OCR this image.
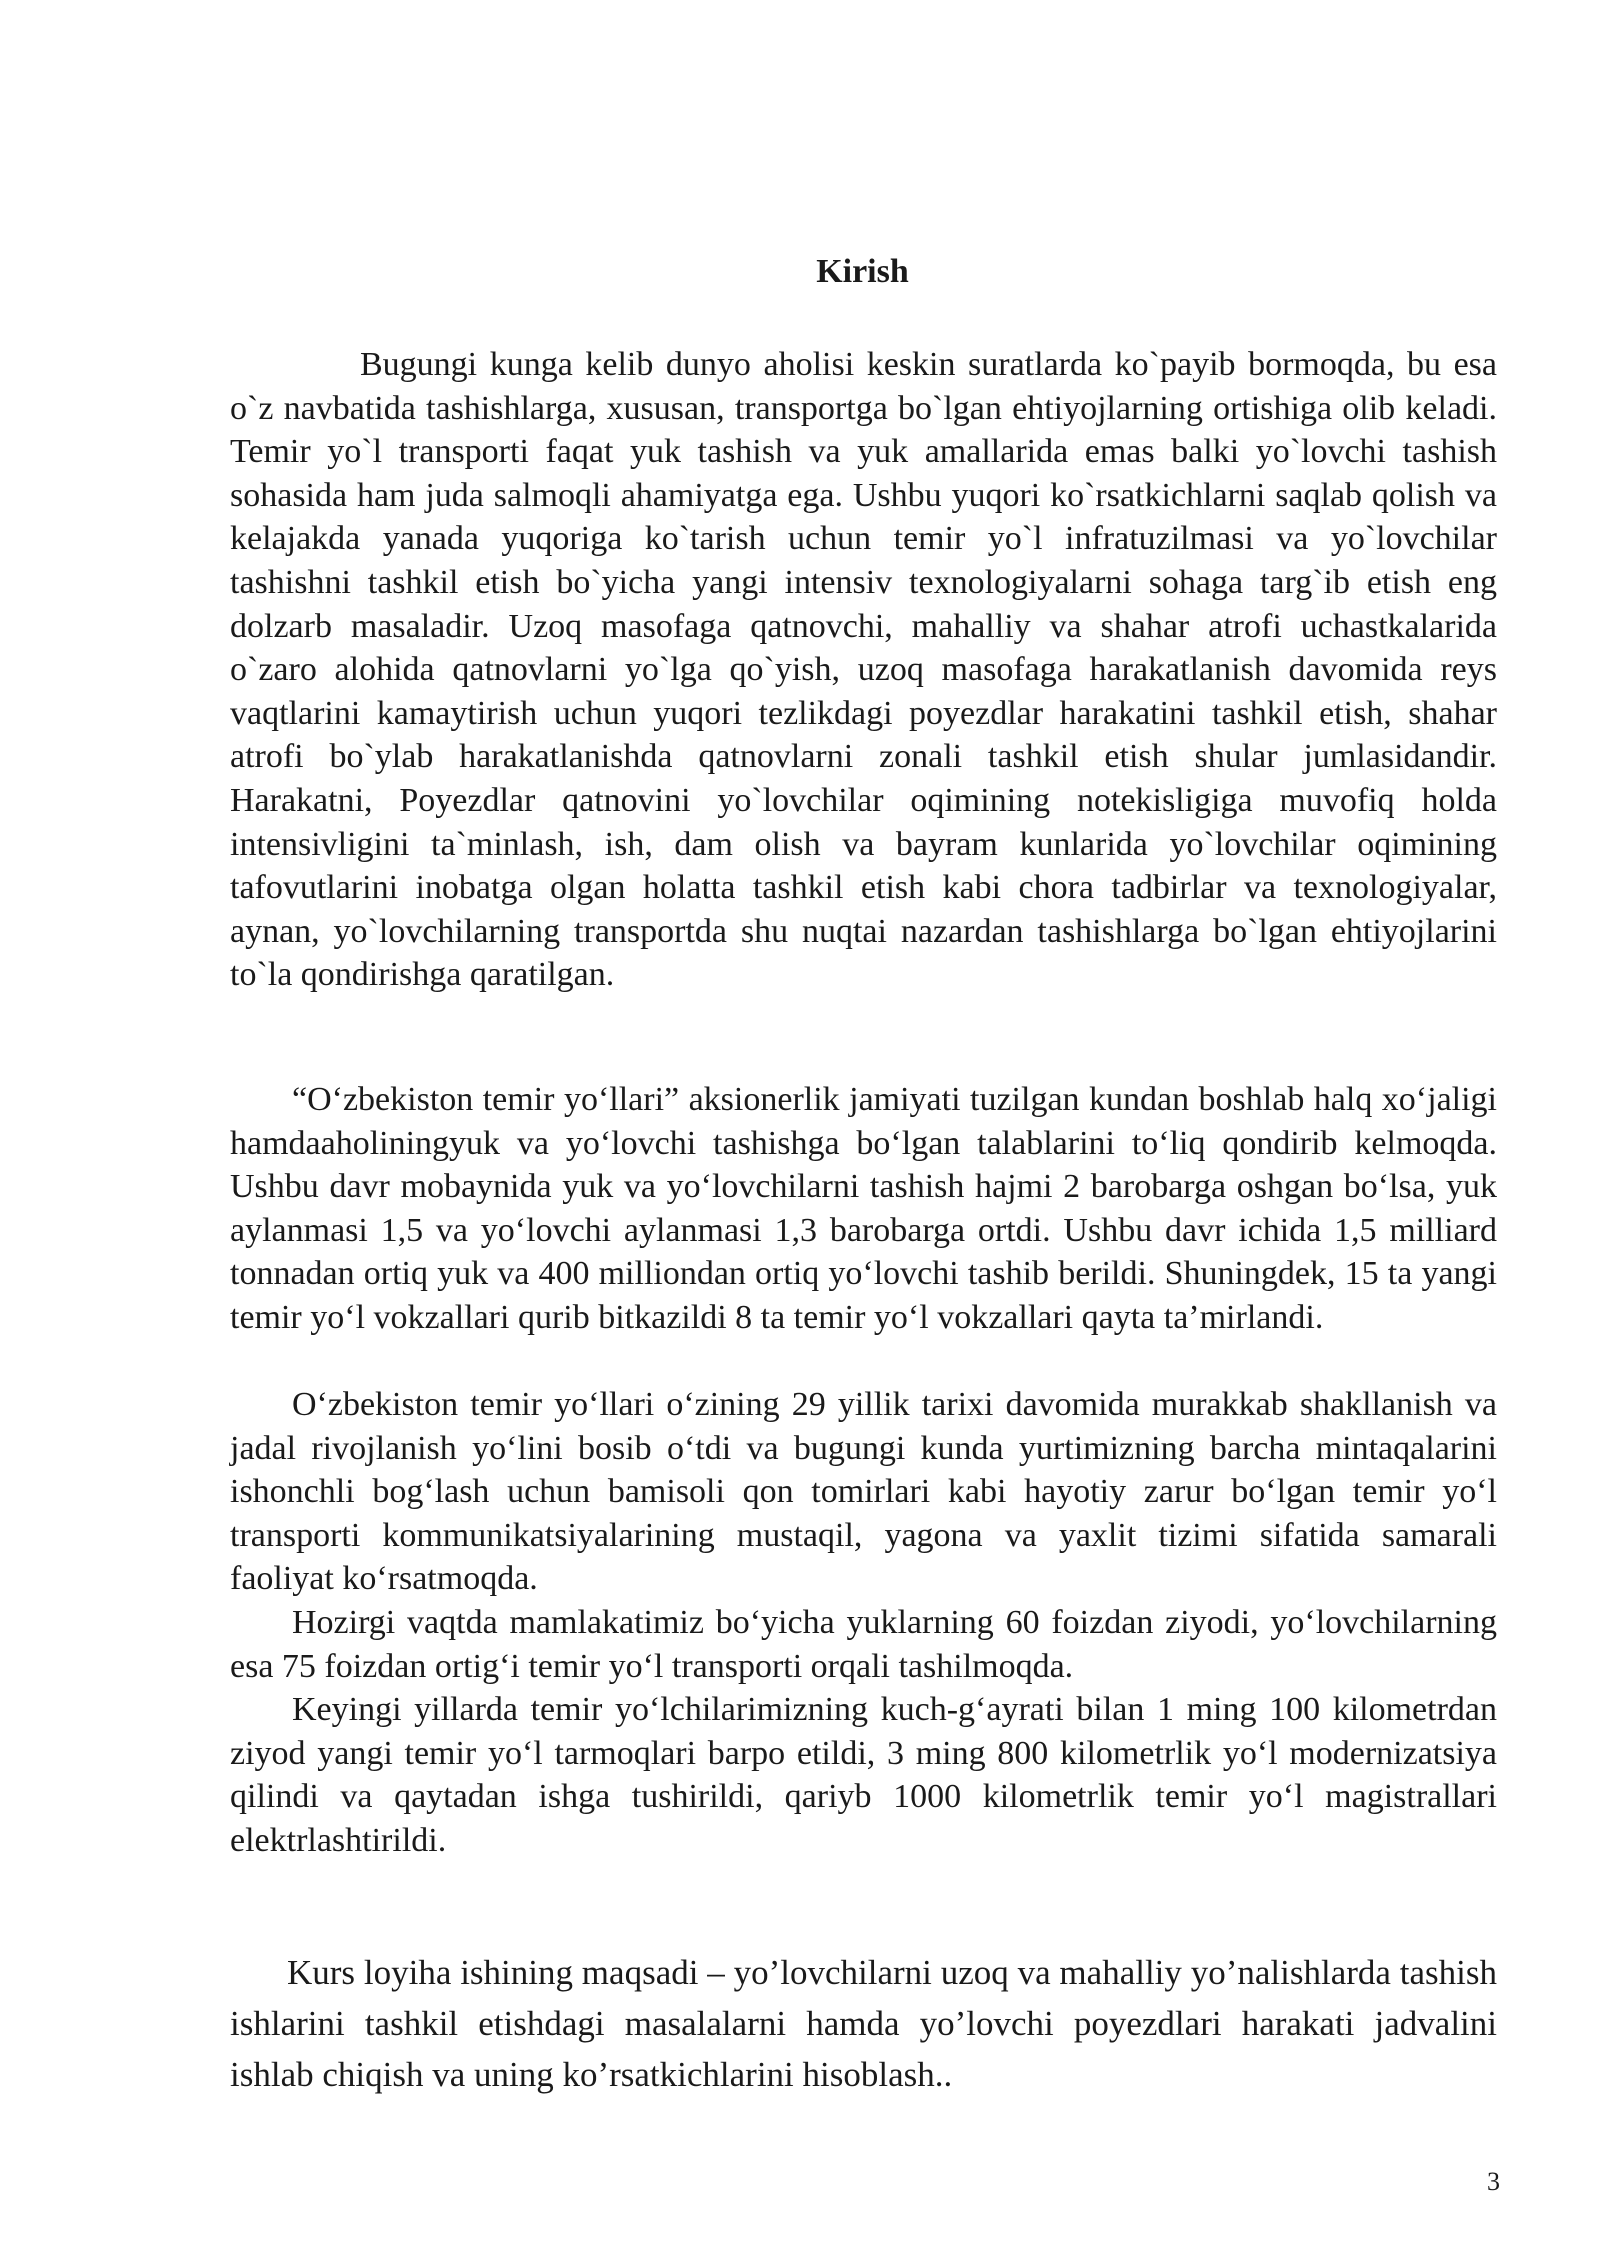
Kirish

Bugungi kunga kelib dunyo aholisi keskin suratlarda ko`payib bormoqda, bu esa o`z navbatida tashishlarga, xususan, transportga bo`lgan ehtiyojlarning ortishiga olib keladi. Temir yo`l transporti faqat yuk tashish va yuk amallarida emas balki yo`lovchi tashish sohasida ham juda salmoqli ahamiyatga ega. Ushbu yuqori ko`rsatkichlarni saqlab qolish va kelajakda yanada yuqoriga ko`tarish uchun temir yo`l infratuzilmasi va yo`lovchilar tashishni tashkil etish bo`yicha yangi intensiv texnologiyalarni sohaga targ`ib etish eng dolzarb masaladir. Uzoq masofaga qatnovchi, mahalliy va shahar atrofi uchastkalarida o`zaro alohida qatnovlarni yo`lga qo`yish, uzoq masofaga harakatlanish davomida reys vaqtlarini kamaytirish uchun yuqori tezlikdagi poyezdlar harakatini tashkil etish, shahar atrofi bo`ylab harakatlanishda qatnovlarni zonali tashkil etish shular jumlasidandir. Harakatni, Poyezdlar qatnovini yo`lovchilar oqimining notekisligiga muvofiq holda intensivligini ta`minlash, ish, dam olish va bayram kunlarida yo`lovchilar oqimining tafovutlarini inobatga olgan holatta tashkil etish kabi chora tadbirlar va texnologiyalar, aynan, yo`lovchilarning transportda shu nuqtai nazardan tashishlarga bo`lgan ehtiyojlarini to`la qondirishga qaratilgan.

“O‘zbekiston temir yo‘llari” aksionerlik jamiyati tuzilgan kundan boshlab halq xo‘jaligi hamdaaholiningyuk va yo‘lovchi tashishga bo‘lgan talablarini to‘liq qondirib kelmoqda. Ushbu davr mobaynida yuk va yo‘lovchilarni tashish hajmi 2 barobarga oshgan bo‘lsa, yuk aylanmasi 1,5 va yo‘lovchi aylanmasi 1,3 barobarga ortdi. Ushbu davr ichida 1,5 milliard tonnadan ortiq yuk va 400 milliondan ortiq yo‘lovchi tashib berildi. Shuningdek, 15 ta yangi temir yo‘l vokzallari qurib bitkazildi 8 ta temir yo‘l vokzallari qayta ta’mirlandi.

O‘zbekiston temir yo‘llari o‘zining 29 yillik tarixi davomida murakkab shakllanish va jadal rivojlanish yo‘lini bosib o‘tdi va bugungi kunda yurtimizning barcha mintaqalarini ishonchli bog‘lash uchun bamisoli qon tomirlari kabi hayotiy zarur bo‘lgan temir yo‘l transporti kommunikatsiyalarining mustaqil, yagona va yaxlit tizimi sifatida samarali faoliyat ko‘rsatmoqda.

Hozirgi vaqtda mamlakatimiz bo‘yicha yuklarning 60 foizdan ziyodi, yo‘lovchilarning esa 75 foizdan ortig‘i temir yo‘l transporti orqali tashilmoqda.

Keyingi yillarda temir yo‘lchilarimizning kuch-g‘ayrati bilan 1 ming 100 kilometrdan ziyod yangi temir yo‘l tarmoqlari barpo etildi, 3 ming 800 kilometrlik yo‘l modernizatsiya qilindi va qaytadan ishga tushirildi, qariyb 1000 kilometrlik temir yo‘l magistrallari elektrlashtirildi.

Kurs loyiha ishining maqsadi – yo’lovchilarni uzoq va mahalliy yo’nalishlarda tashish ishlarini tashkil etishdagi masalalarni hamda yo’lovchi poyezdlari harakati jadvalini ishlab chiqish va uning ko’rsatkichlarini hisoblash..

3
